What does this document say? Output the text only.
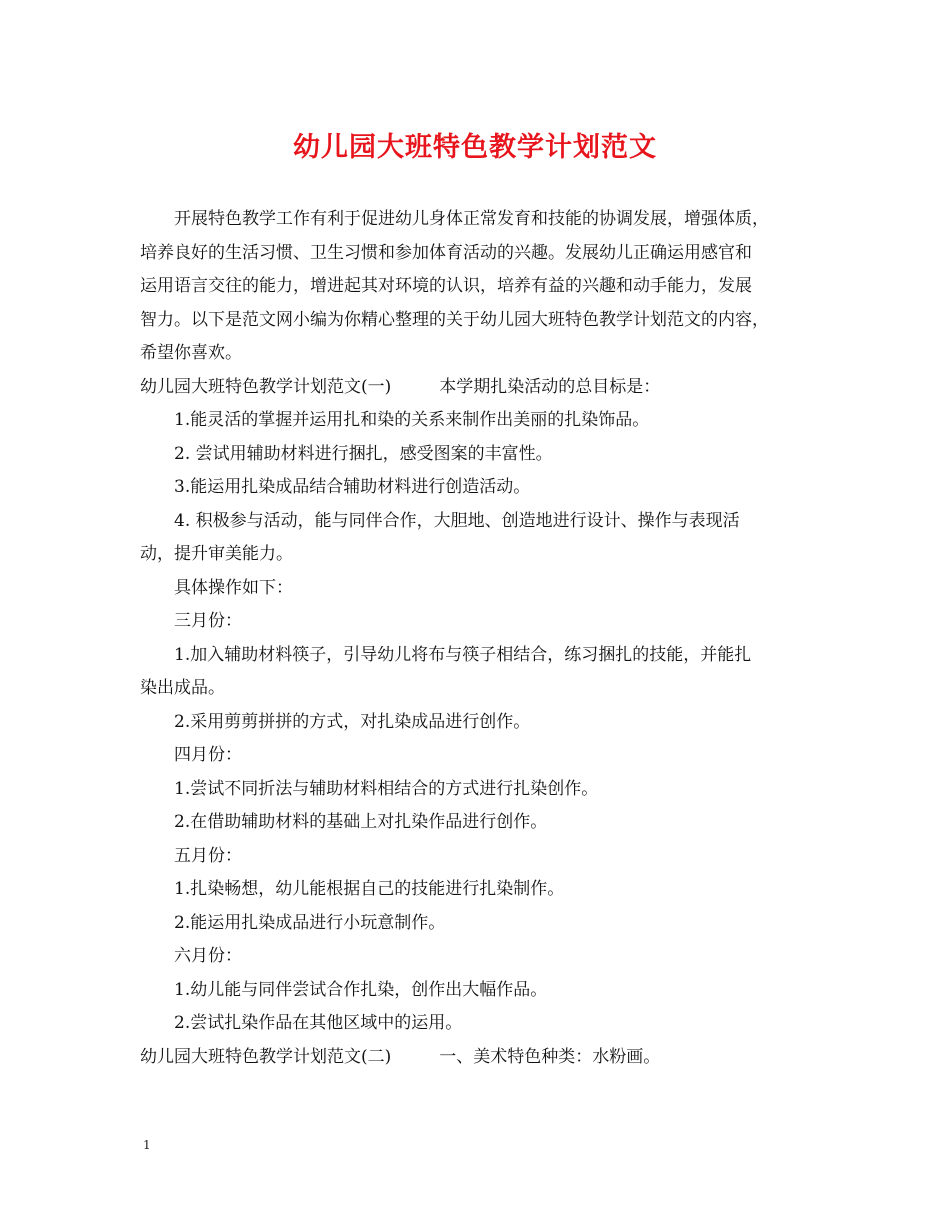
幼儿园大班特色教学计划范文
开展特色教学工作有利于促进幼儿身体正常发育和技能的协调发展，增强体质，
培养良好的生活习惯、卫生习惯和参加体育活动的兴趣。发展幼儿正确运用感官和
运用语言交往的能力，增进起其对环境的认识，培养有益的兴趣和动手能力，发展
智力。以下是范文网小编为你精心整理的关于幼儿园大班特色教学计划范文的内容，
希望你喜欢。
幼儿园大班特色教学计划范文(一)	本学期扎染活动的总目标是：
1.能灵活的掌握并运用扎和染的关系来制作出美丽的扎染饰品。
2. 尝试用辅助材料进行捆扎，感受图案的丰富性。
3.能运用扎染成品结合辅助材料进行创造活动。
4. 积极参与活动，能与同伴合作，大胆地、创造地进行设计、操作与表现活
动，提升审美能力。
具体操作如下：
三月份：
1.加入辅助材料筷子，引导幼儿将布与筷子相结合，练习捆扎的技能，并能扎
染出成品。
2.采用剪剪拼拼的方式，对扎染成品进行创作。
四月份：
1.尝试不同折法与辅助材料相结合的方式进行扎染创作。
2.在借助辅助材料的基础上对扎染作品进行创作。
五月份：
1.扎染畅想，幼儿能根据自己的技能进行扎染制作。
2.能运用扎染成品进行小玩意制作。
六月份：
1.幼儿能与同伴尝试合作扎染，创作出大幅作品。
2.尝试扎染作品在其他区域中的运用。
幼儿园大班特色教学计划范文(二)	一、美术特色种类：水粉画。
1
